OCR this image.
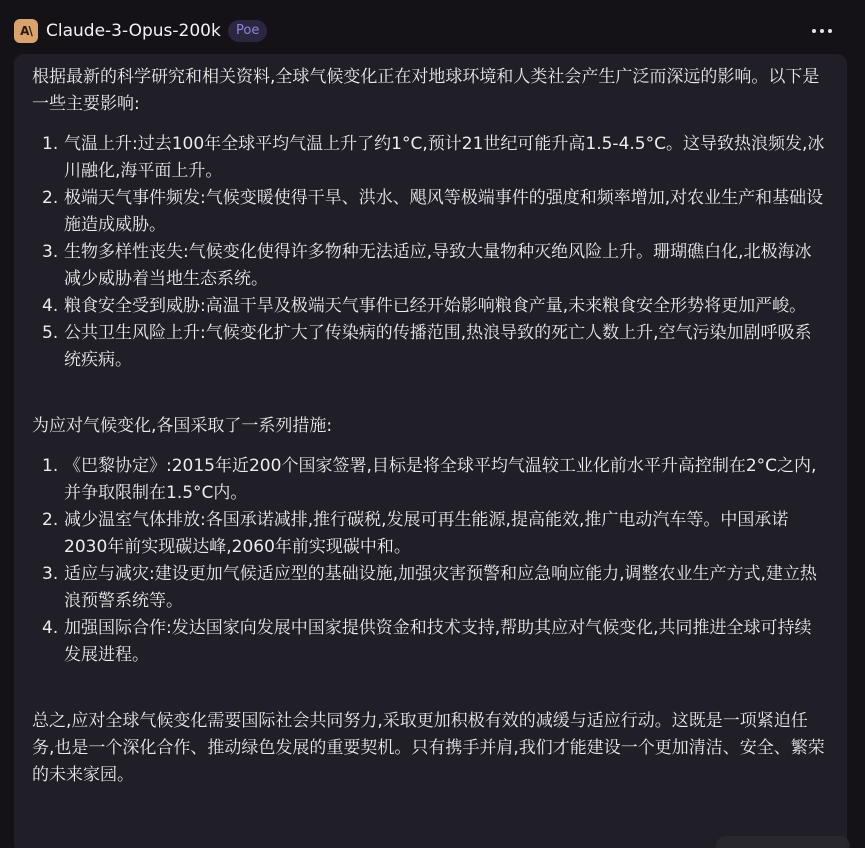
A\ Claude-3-Opus-200k	Poe

根据最新的科学研究和相关资料,全球气候变化正在对地球环境和人类社会产生广泛而深远的影响。以下是一些主要影响:

1. 气温上升:过去100年全球平均气温上升了约1°C,预计21世纪可能升高1.5-4.5°C。这导致热浪频发,冰川融化,海平面上升。
2. 极端天气事件频发:气候变暖使得干旱、洪水、飓风等极端事件的强度和频率增加,对农业生产和基础设施造成威胁。
3. 生物多样性丧失:气候变化使得许多物种无法适应,导致大量物种灭绝风险上升。珊瑚礁白化,北极海冰减少威胁着当地生态系统。
4. 粮食安全受到威胁:高温干旱及极端天气事件已经开始影响粮食产量,未来粮食安全形势将更加严峻。
5. 公共卫生风险上升:气候变化扩大了传染病的传播范围,热浪导致的死亡人数上升,空气污染加剧呼吸系统疾病。

为应对气候变化,各国采取了一系列措施:

1. 《巴黎协定》:2015年近200个国家签署,目标是将全球平均气温较工业化前水平升高控制在2°C之内,并争取限制在1.5°C内。
2. 减少温室气体排放:各国承诺减排,推行碳税,发展可再生能源,提高能效,推广电动汽车等。中国承诺2030年前实现碳达峰,2060年前实现碳中和。
3. 适应与减灾:建设更加气候适应型的基础设施,加强灾害预警和应急响应能力,调整农业生产方式,建立热浪预警系统等。
4. 加强国际合作:发达国家向发展中国家提供资金和技术支持,帮助其应对气候变化,共同推进全球可持续发展进程。

总之,应对全球气候变化需要国际社会共同努力,采取更加积极有效的减缓与适应行动。这既是一项紧迫任务,也是一个深化合作、推动绿色发展的重要契机。只有携手并肩,我们才能建设一个更加清洁、安全、繁荣的未来家园。
